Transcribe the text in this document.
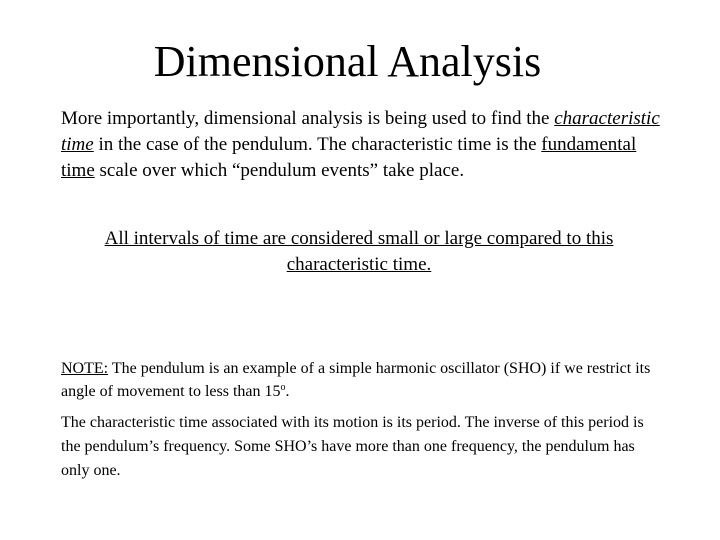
Dimensional Analysis

More importantly, dimensional analysis is being used to find the characteristic time in the case of the pendulum. The characteristic time is the fundamental time scale over which “pendulum events” take place.

All intervals of time are considered small or large compared to this characteristic time.

NOTE: The pendulum is an example of a simple harmonic oscillator (SHO) if we restrict its angle of movement to less than 15$^o$.

The characteristic time associated with its motion is its period. The inverse of this period is the pendulum’s frequency. Some SHO’s have more than one frequency, the pendulum has only one.
